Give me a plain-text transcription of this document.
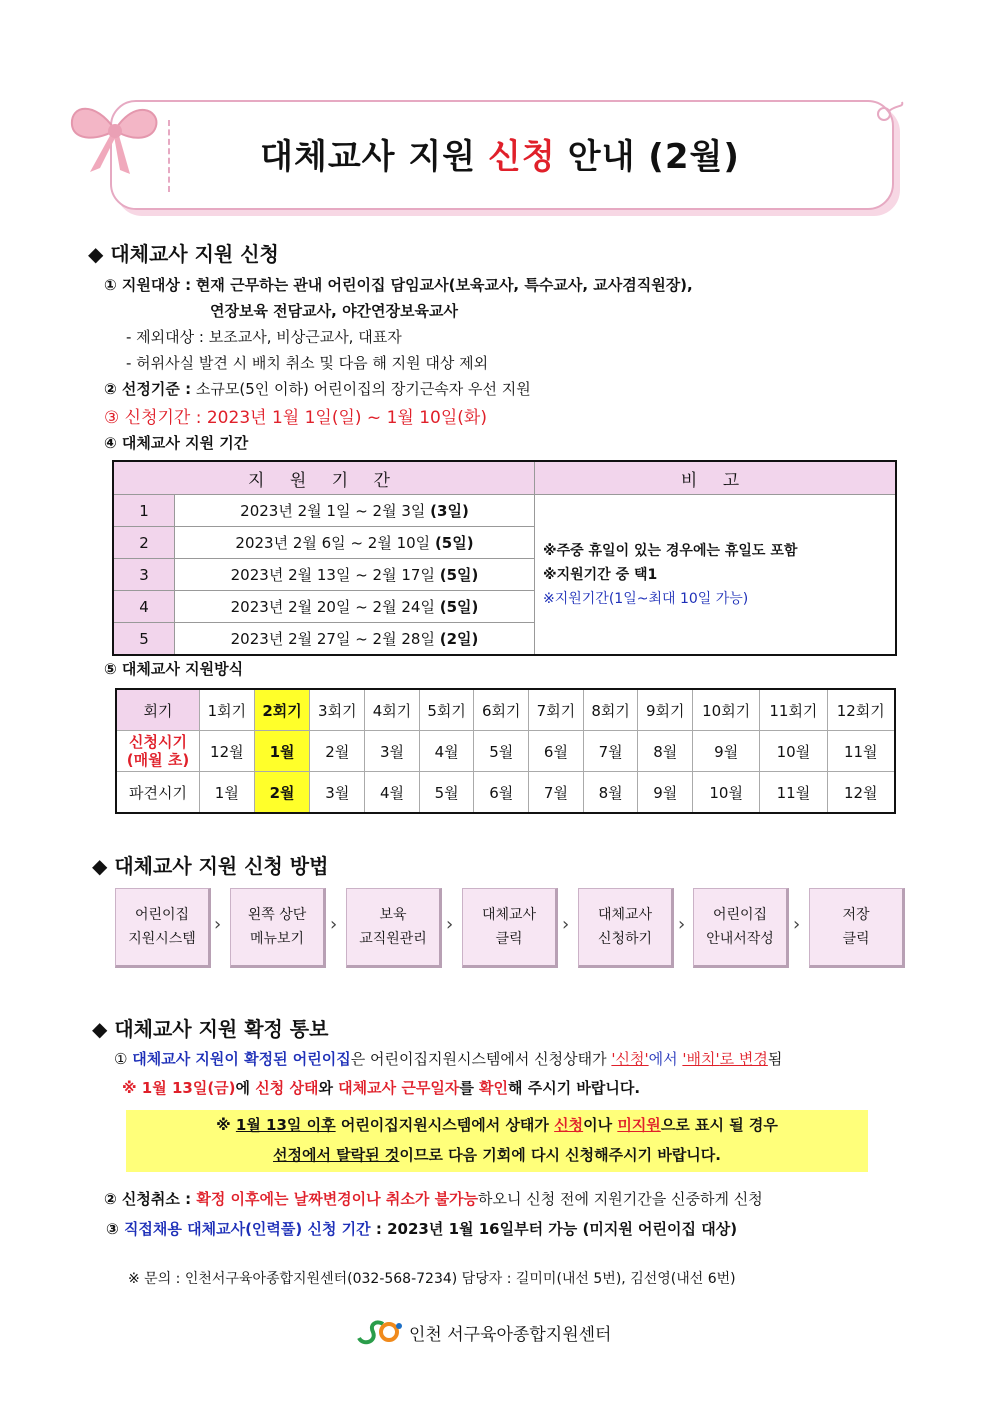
대체교사 지원 신청 안내 (2월)
◆ 대체교사 지원 신청
① 지원대상 : 현재 근무하는 관내 어린이집 담임교사(보육교사, 특수교사, 교사겸직원장),
연장보육 전담교사, 야간연장보육교사
- 제외대상 : 보조교사, 비상근교사, 대표자
- 허위사실 발견 시 배치 취소 및 다음 해 지원 대상 제외
② 선정기준 : 소규모(5인 이하) 어린이집의 장기근속자 우선 지원
③ 신청기간 : 2023년 1월 1일(일) ~ 1월 10일(화)
④ 대체교사 지원 기간
지 원 기 간		비 고
1	2023년 2월 1일 ~ 2월 3일 (3일)	※주중 휴일이 있는 경우에는 휴일도 포함
※지원기간 중 택1
※지원기간(1일~최대 10일 가능)

2	2023년 2월 6일 ~ 2월 10일 (5일)	
3	2023년 2월 13일 ~ 2월 17일 (5일)	
4	2023년 2월 20일 ~ 2월 24일 (5일)	
5	2023년 2월 27일 ~ 2월 28일 (2일)	
⑤ 대체교사 지원방식
회기	1회기	2회기	3회기	4회기	5회기	6회기	7회기	8회기	9회기	10회기	11회기	12회기

신청시기
(매월 초)	12월	1월	2월	3월	4월	5월	6월	7월	8월	9월	10월	11월
파견시기	1월	2월	3월	4월	5월	6월	7월	8월	9월	10월	11월	12월
◆ 대체교사 지원 신청 방법
어린이집
지원시스템
› 왼쪽 상단
메뉴보기
›	보육
교직원관리
› 대체교사
클릭
› 대체교사
신청하기
›	어린이집
안내서작성
›	저장
클릭
◆ 대체교사 지원 확정 통보
① 대체교사 지원이 확정된 어린이집은 어린이집지원시스템에서 신청상태가 '신청'에서 '배치'로 변경됨
※ 1월 13일(금)에 신청 상태와 대체교사 근무일자를 확인해 주시기 바랍니다.
※ 1월 13일 이후 어린이집지원시스템에서 상태가 신청이나 미지원으로 표시 될 경우
선정에서 탈락된 것이므로 다음 기회에 다시 신청해주시기 바랍니다.
② 신청취소 : 확정 이후에는 날짜변경이나 취소가 불가능하오니 신청 전에 지원기간을 신중하게 신청
③ 직접채용 대체교사(인력풀) 신청 기간 : 2023년 1월 16일부터 가능 (미지원 어린이집 대상)
※ 문의 : 인천서구육아종합지원센터(032-568-7234) 담당자 : 길미미(내선 5번), 김선영(내선 6번)
인천 서구육아종합지원센터
